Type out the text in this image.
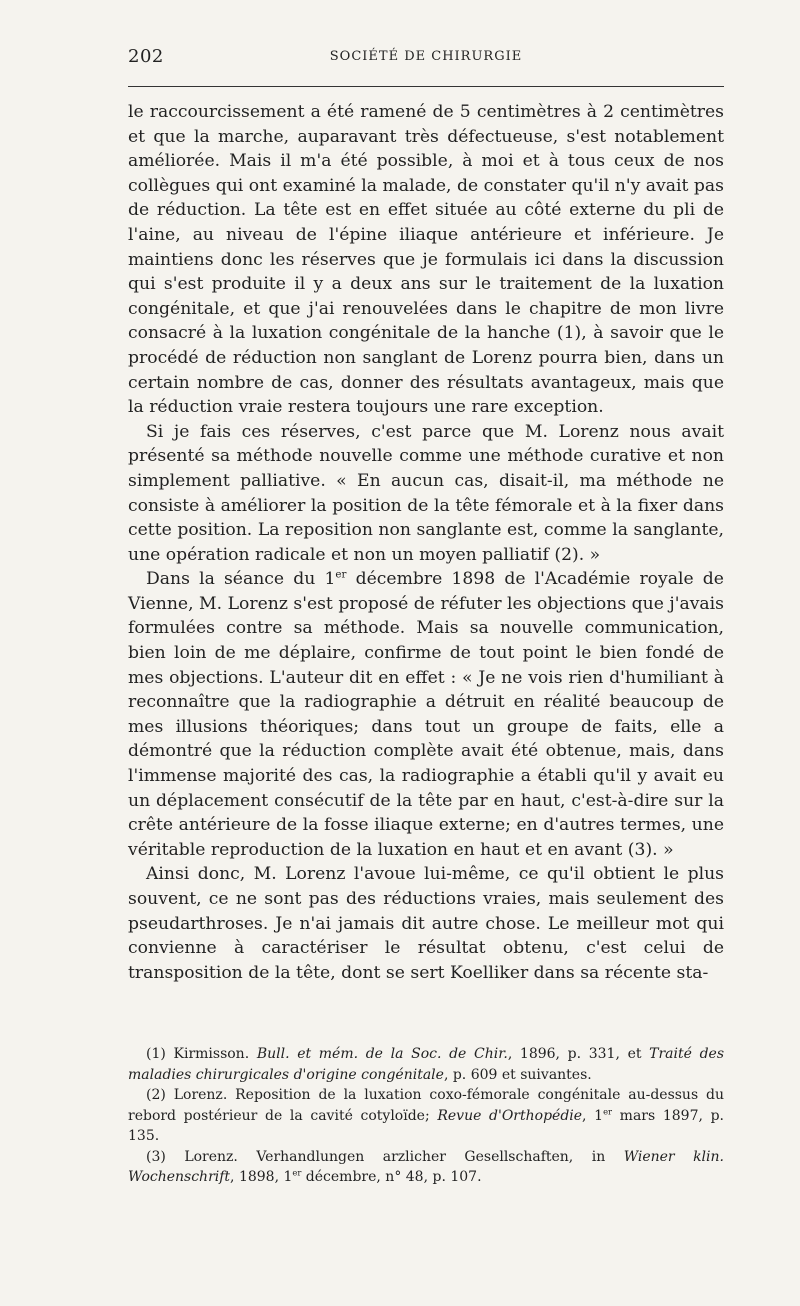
202	SOCIÉTÉ DE CHIRURGIE

le raccourcissement a été ramené de 5 centimètres à 2 centimètres et que la marche, auparavant très défectueuse, s'est notablement améliorée. Mais il m'a été possible, à moi et à tous ceux de nos collègues qui ont examiné la malade, de constater qu'il n'y avait pas de réduction. La tête est en effet située au côté externe du pli de l'aine, au niveau de l'épine iliaque antérieure et inférieure. Je maintiens donc les réserves que je formulais ici dans la discussion qui s'est produite il y a deux ans sur le traitement de la luxation congénitale, et que j'ai renouvelées dans le chapitre de mon livre consacré à la luxation congénitale de la hanche (1), à savoir que le procédé de réduction non sanglant de Lorenz pourra bien, dans un certain nombre de cas, donner des résultats avantageux, mais que la réduction vraie restera toujours une rare exception.

Si je fais ces réserves, c'est parce que M. Lorenz nous avait présenté sa méthode nouvelle comme une méthode curative et non simplement palliative. « En aucun cas, disait-il, ma méthode ne consiste à améliorer la position de la tête fémorale et à la fixer dans cette position. La reposition non sanglante est, comme la sanglante, une opération radicale et non un moyen palliatif (2). »

Dans la séance du 1er décembre 1898 de l'Académie royale de Vienne, M. Lorenz s'est proposé de réfuter les objections que j'avais formulées contre sa méthode. Mais sa nouvelle communication, bien loin de me déplaire, confirme de tout point le bien fondé de mes objections. L'auteur dit en effet : « Je ne vois rien d'humiliant à reconnaître que la radiographie a détruit en réalité beaucoup de mes illusions théoriques; dans tout un groupe de faits, elle a démontré que la réduction complète avait été obtenue, mais, dans l'immense majorité des cas, la radiographie a établi qu'il y avait eu un déplacement consécutif de la tête par en haut, c'est-à-dire sur la crête antérieure de la fosse iliaque externe; en d'autres termes, une véritable reproduction de la luxation en haut et en avant (3). »

Ainsi donc, M. Lorenz l'avoue lui-même, ce qu'il obtient le plus souvent, ce ne sont pas des réductions vraies, mais seulement des pseudarthroses. Je n'ai jamais dit autre chose. Le meilleur mot qui convienne à caractériser le résultat obtenu, c'est celui de transposition de la tête, dont se sert Koelliker dans sa récente sta-

(1) Kirmisson. Bull. et mém. de la Soc. de Chir., 1896, p. 331, et Traité des maladies chirurgicales d'origine congénitale, p. 609 et suivantes.

(2) Lorenz. Reposition de la luxation coxo-fémorale congénitale au-dessus du rebord postérieur de la cavité cotyloïde; Revue d'Orthopédie, 1er mars 1897, p. 135.

(3) Lorenz. Verhandlungen arzlicher Gesellschaften, in Wiener klin. Wochenschrift, 1898, 1er décembre, n° 48, p. 107.
